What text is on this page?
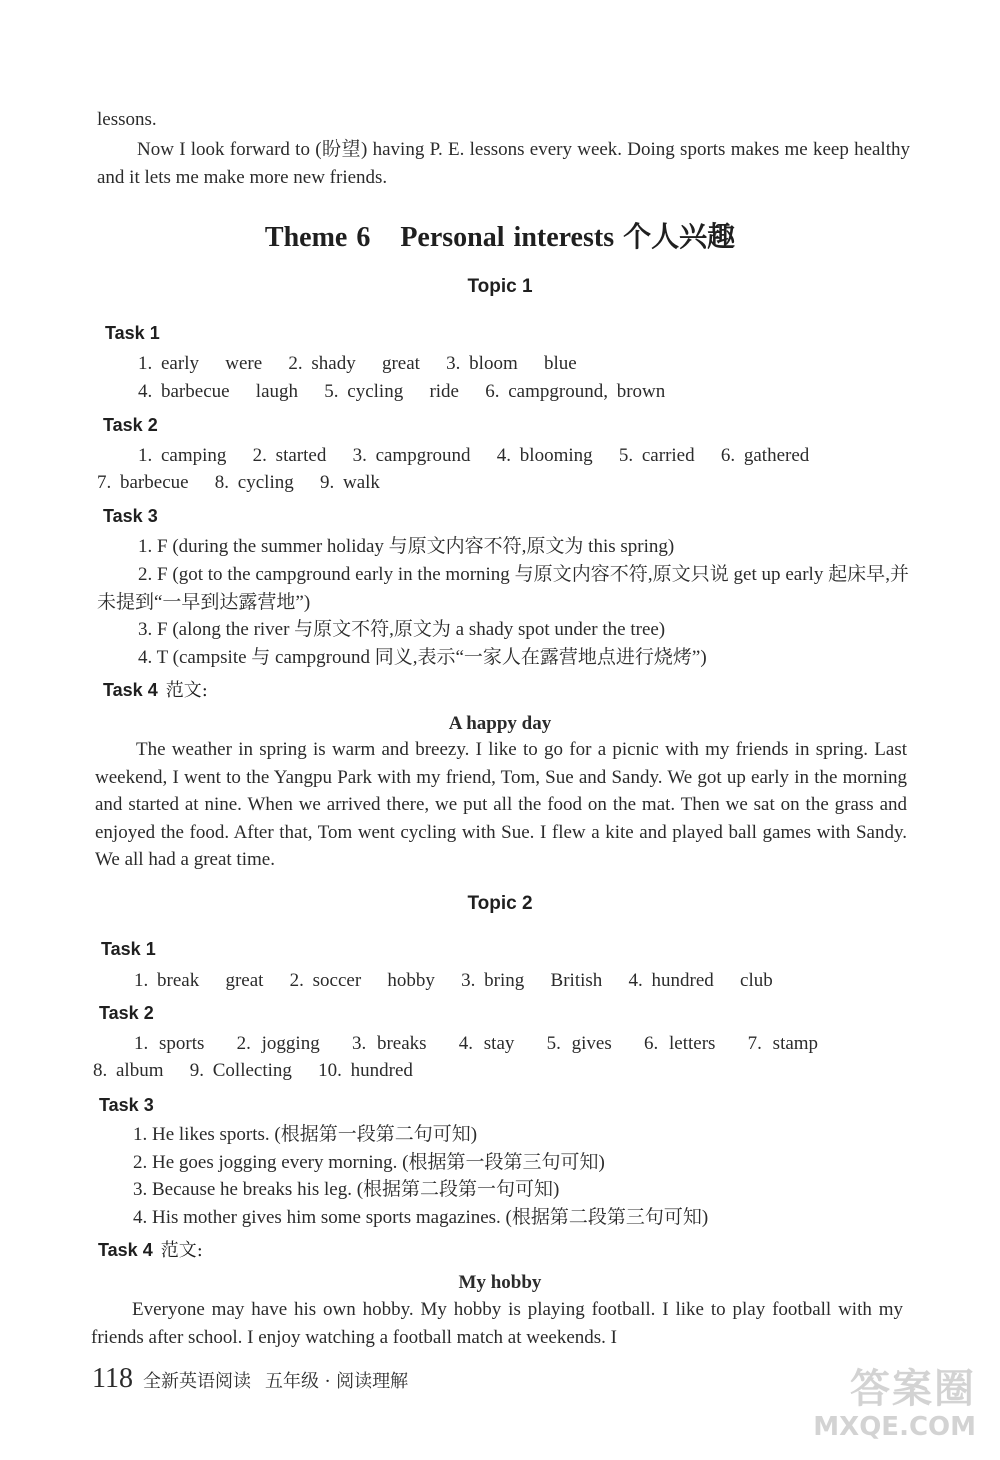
lessons.
Now I look forward to (盼望) having P. E. lessons every week. Doing sports makes me keep healthy and it lets me make more new friends.
Theme 6 Personal interests 个人兴趣
Topic 1
Task 1
1. early   were   2. shady   great   3. bloom   blue
4. barbecue   laugh   5. cycling   ride   6. campground, brown
Task 2
1. camping   2. started   3. campground   4. blooming   5. carried   6. gathered
7. barbecue   8. cycling   9. walk
Task 3
1. F (during the summer holiday 与原文内容不符,原文为 this spring)
2. F (got to the campground early in the morning 与原文内容不符,原文只说 get up early 起床早,并未提到“一早到达露营地”)
3. F (along the river 与原文不符,原文为 a shady spot under the tree)
4. T (campsite 与 campground 同义,表示“一家人在露营地点进行烧烤”)
Task 4 范文:
A happy day
The weather in spring is warm and breezy. I like to go for a picnic with my friends in spring. Last weekend, I went to the Yangpu Park with my friend, Tom, Sue and Sandy. We got up early in the morning and started at nine. When we arrived there, we put all the food on the mat. Then we sat on the grass and enjoyed the food. After that, Tom went cycling with Sue. I flew a kite and played ball games with Sandy. We all had a great time.
Topic 2
Task 1
1. break   great   2. soccer   hobby   3. bring   British   4. hundred   club
Task 2
1. sports   2. jogging   3. breaks   4. stay   5. gives   6. letters   7. stamp
8. album   9. Collecting   10. hundred
Task 3
1. He likes sports. (根据第一段第二句可知)
2. He goes jogging every morning. (根据第一段第三句可知)
3. Because he breaks his leg. (根据第二段第一句可知)
4. His mother gives him some sports magazines. (根据第二段第三句可知)
Task 4 范文:
My hobby
Everyone may have his own hobby. My hobby is playing football. I like to play football with my friends after school. I enjoy watching a football match at weekends. I
118 全新英语阅读 五年级 · 阅读理解	答案圈
MXQE.COM
